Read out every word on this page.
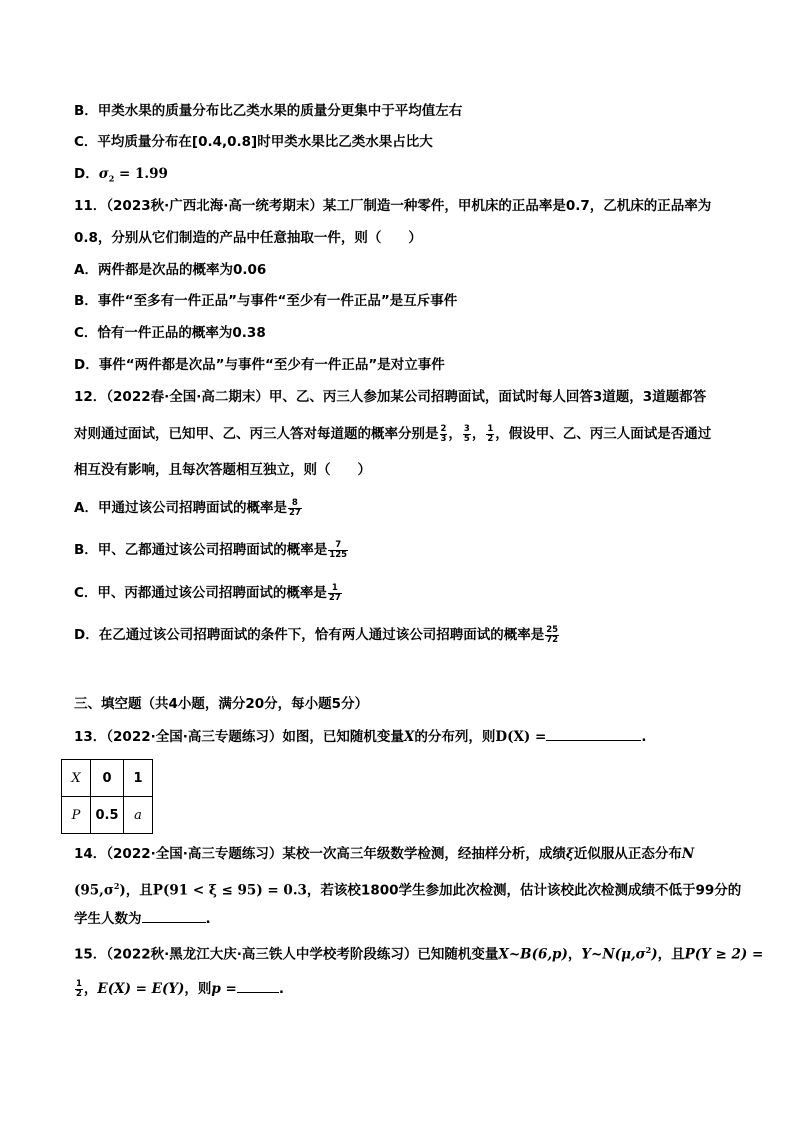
B．甲类水果的质量分布比乙类水果的质量分更集中于平均值左右
C．平均质量分布在[0.4,0.8]时甲类水果比乙类水果占比大
D．$\sigma_2 = 1.99$
11．（2023秋·广西北海·高一统考期末）某工厂制造一种零件，甲机床的正品率是0.7，乙机床的正品率为
0.8，分别从它们制造的产品中任意抽取一件，则（　　）
A．两件都是次品的概率为0.06
B．事件“至多有一件正品”与事件“至少有一件正品”是互斥事件
C．恰有一件正品的概率为0.38
D．事件“两件都是次品”与事件“至少有一件正品”是对立事件
12．（2022春·全国·高二期末）甲、乙、丙三人参加某公司招聘面试，面试时每人回答3道题，3道题都答
对则通过面试，已知甲、乙、丙三人答对每道题的概率分别是 $\frac{2}{3}$ ， $\frac{3}{5}$ ， $\frac{1}{2}$ ，假设甲、乙、丙三人面试是否通过
相互没有影响，且每次答题相互独立，则（　　）
A．甲通过该公司招聘面试的概率是 $\frac{8}{27}$
B．甲、乙都通过该公司招聘面试的概率是 $\frac{7}{125}$
C．甲、丙都通过该公司招聘面试的概率是 $\frac{1}{27}$
D．在乙通过该公司招聘面试的条件下，恰有两人通过该公司招聘面试的概率是 $\frac{25}{72}$
三、填空题（共4小题，满分20分，每小题5分）
13．（2022·全国·高三专题练习）如图，已知随机变量X的分布列，则D(X) =	.
X	0	1
P	0.5	a
14．（2022·全国·高三专题练习）某校一次高三年级数学检测，经抽样分析，成绩ξ近似服从正态分布N
$(95,\sigma^2)$，且P(91 < ξ ≤ 95) = 0.3，若该校1800学生参加此次检测，估计该校此次检测成绩不低于99分的
学生人数为	.
15．（2022秋·黑龙江大庆·高三铁人中学校考阶段练习）已知随机变量X~B(6,p)，$Y\sim N(\mu,\sigma^2)$，且P(Y ≥ 2) =
$\frac{1}{2}$ ，E(X) = E(Y)，则p =	.
